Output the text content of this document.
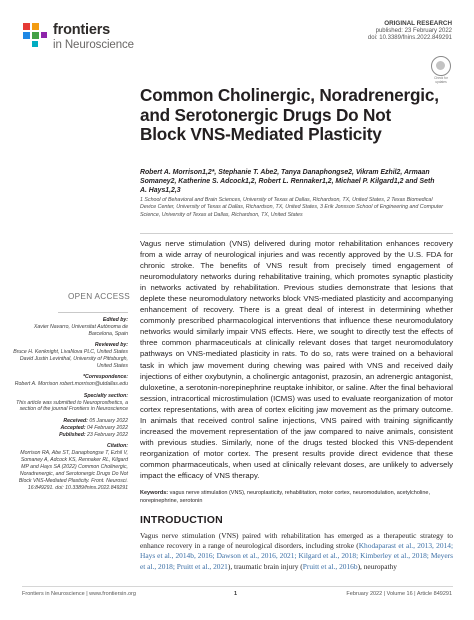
frontiers
in Neuroscience
ORIGINAL RESEARCH
published: 23 February 2022
doi: 10.3389/fnins.2022.849291
Check for updates
Common Cholinergic, Noradrenergic, and Serotonergic Drugs Do Not Block VNS-Mediated Plasticity
Robert A. Morrison1,2*, Stephanie T. Abe2, Tanya Danaphongse2, Vikram Ezhil2, Armaan Somaney2, Katherine S. Adcock1,2, Robert L. Rennaker1,2, Michael P. Kilgard1,2 and Seth A. Hays1,2,3
1 School of Behavioral and Brain Sciences, University of Texas at Dallas, Richardson, TX, United States, 2 Texas Biomedical Device Center, University of Texas at Dallas, Richardson, TX, United States, 3 Erik Jonsson School of Engineering and Computer Science, University of Texas at Dallas, Richardson, TX, United States
OPEN ACCESS
Edited by:
Xavier Navarro, Universitat Autònoma de Barcelona, Spain
Reviewed by:
Bruce H. Kenknight, LivaNova PLC, United States
David Justin Levinthal, University of Pittsburgh, United States
*Correspondence:
Robert A. Morrison robert.morrison@utdallas.edu
Specialty section:
This article was submitted to Neuroprosthetics, a section of the journal Frontiers in Neuroscience
Received: 05 January 2022
Accepted: 04 February 2022
Published: 23 February 2022
Citation:
Morrison RA, Abe ST, Danaphongse T, Ezhil V, Somaney A, Adcock KS, Rennaker RL, Kilgard MP and Hays SA (2022) Common Cholinergic, Noradrenergic, and Serotonergic Drugs Do Not Block VNS-Mediated Plasticity. Front. Neurosci. 16:849291. doi: 10.3389/fnins.2022.849291
Vagus nerve stimulation (VNS) delivered during motor rehabilitation enhances recovery from a wide array of neurological injuries and was recently approved by the U.S. FDA for chronic stroke. The benefits of VNS result from precisely timed engagement of neuromodulatory networks during rehabilitative training, which promotes synaptic plasticity in networks activated by rehabilitation. Previous studies demonstrate that lesions that deplete these neuromodulatory networks block VNS-mediated plasticity and accompanying enhancement of recovery. There is a great deal of interest in determining whether commonly prescribed pharmacological interventions that influence these neuromodulatory networks would similarly impair VNS effects. Here, we sought to directly test the effects of three common pharmaceuticals at clinically relevant doses that target neuromodulatory pathways on VNS-mediated plasticity in rats. To do so, rats were trained on a behavioral task in which jaw movement during chewing was paired with VNS and received daily injections of either oxybutynin, a cholinergic antagonist, prazosin, an adrenergic antagonist, duloxetine, a serotonin-norepinephrine reuptake inhibitor, or saline. After the final behavioral session, intracortical microstimulation (ICMS) was used to evaluate reorganization of motor cortex representations, with area of cortex eliciting jaw movement as the primary outcome. In animals that received control saline injections, VNS paired with training significantly increased the movement representation of the jaw compared to naive animals, consistent with previous studies. Similarly, none of the drugs tested blocked this VNS-dependent reorganization of motor cortex. The present results provide direct evidence that these common pharmaceuticals, when used at clinically relevant doses, are unlikely to adversely impact the efficacy of VNS therapy.
Keywords: vagus nerve stimulation (VNS), neuroplasticity, rehabilitation, motor cortex, neuromodulation, acetylcholine, norepinephrine, serotonin
INTRODUCTION
Vagus nerve stimulation (VNS) paired with rehabilitation has emerged as a therapeutic strategy to enhance recovery in a range of neurological disorders, including stroke (Khodaparast et al., 2013, 2014; Hays et al., 2014b, 2016; Dawson et al., 2016, 2021; Kilgard et al., 2018; Kimberley et al., 2018; Meyers et al., 2018; Pruitt et al., 2021), traumatic brain injury (Pruitt et al., 2016b), neuropathy
Frontiers in Neuroscience | www.frontiersin.org	1	February 2022 | Volume 16 | Article 849291
